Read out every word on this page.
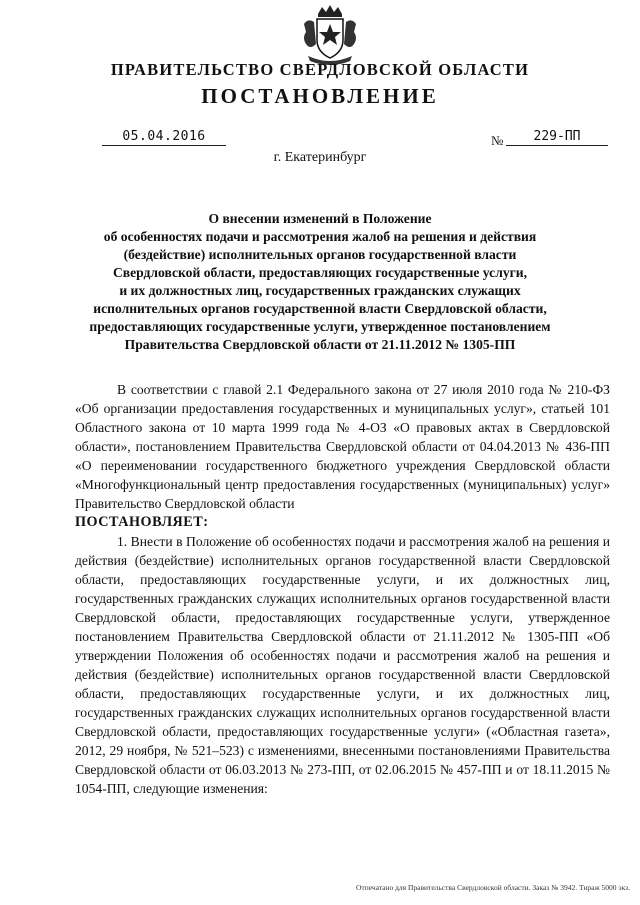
ПРАВИТЕЛЬСТВО СВЕРДЛОВСКОЙ ОБЛАСТИ
ПОСТАНОВЛЕНИЕ
05.04.2016	№	229-ПП
г. Екатеринбург
О внесении изменений в Положение
об особенностях подачи и рассмотрения жалоб на решения и действия
(бездействие) исполнительных органов государственной власти
Свердловской области, предоставляющих государственные услуги,
и их должностных лиц, государственных гражданских служащих
исполнительных органов государственной власти Свердловской области,
предоставляющих государственные услуги, утвержденное постановлением
Правительства Свердловской области от 21.11.2012 № 1305-ПП

В соответствии с главой 2.1 Федерального закона от 27 июля 2010 года № 210-ФЗ «Об организации предоставления государственных и муниципальных услуг», статьей 101 Областного закона от 10 марта 1999 года № 4-ОЗ «О правовых актах в Свердловской области», постановлением Правительства Свердловской области от 04.04.2013 № 436-ПП «О переименовании государственного бюджетного учреждения Свердловской области «Многофункциональный центр предоставления государственных (муниципальных) услуг» Правительство Свердловской области

ПОСТАНОВЛЯЕТ:

1. Внести в Положение об особенностях подачи и рассмотрения жалоб на решения и действия (бездействие) исполнительных органов государственной власти Свердловской области, предоставляющих государственные услуги, и их должностных лиц, государственных гражданских служащих исполнительных органов государственной власти Свердловской области, предоставляющих государственные услуги, утвержденное постановлением Правительства Свердловской области от 21.11.2012 № 1305-ПП «Об утверждении Положения об особенностях подачи и рассмотрения жалоб на решения и действия (бездействие) исполнительных органов государственной власти Свердловской области, предоставляющих государственные услуги, и их должностных лиц, государственных гражданских служащих исполнительных органов государственной власти Свердловской области, предоставляющих государственные услуги» («Областная газета», 2012, 29 ноября, № 521–523) с изменениями, внесенными постановлениями Правительства Свердловской области от 06.03.2013 № 273-ПП, от 02.06.2015 № 457-ПП и от 18.11.2015 № 1054-ПП, следующие изменения:

Отпечатано для Правительства Свердловской области. Заказ № 3942. Тираж 5000 экз.
